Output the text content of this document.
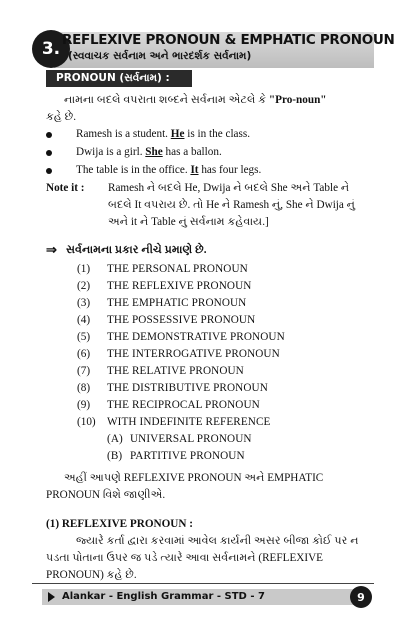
3. REFLEXIVE PRONOUN & EMPHATIC PRONOUN
(સ્વવાચક સર્વનામ અને ભારદર્શક સર્વનામ)
PRONOUN (સર્વનામ) :
નામના બદલે વપરાતા શબ્દને સર્વનામ એટલે કે "Pro-noun"
કહે છે.
Ramesh is a student. He is in the class.
Dwija is a girl. She has a ballon.
The table is in the office. It has four legs.
Note it : Ramesh ને બદલે He, Dwija ને બદલે She અને Table ને
બદલે It વપરાય છે. તો He ને Ramesh નું, She ને Dwija નું
અને it ને Table નું સર્વનામ કહેવાય.]
⇒ સર્વનામના પ્રકાર નીચે પ્રમાણે છે.
(1) THE PERSONAL PRONOUN
(2) THE REFLEXIVE PRONOUN
(3) THE EMPHATIC PRONOUN
(4) THE POSSESSIVE PRONOUN
(5) THE DEMONSTRATIVE PRONOUN
(6) THE INTERROGATIVE PRONOUN
(7) THE RELATIVE PRONOUN
(8) THE DISTRIBUTIVE PRONOUN
(9) THE RECIPROCAL PRONOUN
(10) WITH INDEFINITE REFERENCE
(A) UNIVERSAL PRONOUN
(B) PARTITIVE PRONOUN
અહીં આપણે REFLEXIVE PRONOUN અને EMPHATIC
PRONOUN વિશે જાણીએ.
(1) REFLEXIVE PRONOUN :
જ્યારે કર્તા દ્વારા કરવામાં આવેલ કાર્યની અસર બીજા કોઈ પર ન
પડતા પોતાના ઉપર જ પડે ત્યારે આવા સર્વનામને (REFLEXIVE
PRONOUN) કહે છે.
Alankar - English Grammar - STD - 7	9
